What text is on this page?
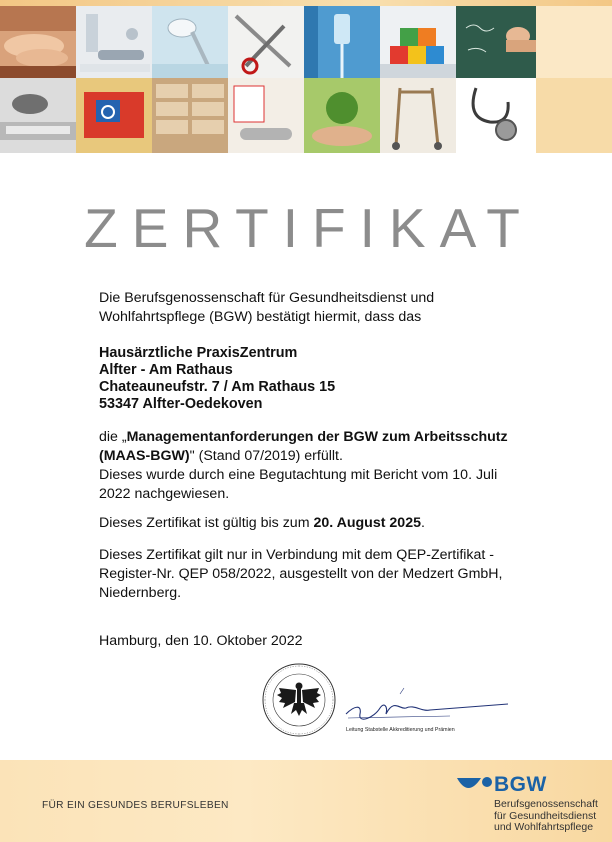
ZERTIFIKAT

Die Berufsgenossenschaft für Gesundheitsdienst und Wohlfahrtspflege (BGW) bestätigt hiermit, dass das

Hausärztliche PraxisZentrum

Alfter - Am Rathaus

Chateauneufstr. 7 / Am Rathaus 15

53347 Alfter-Oedekoven

die „Managementanforderungen der BGW zum Arbeitsschutz (MAAS-BGW)" (Stand 07/2019) erfüllt.

Dieses wurde durch eine Begutachtung mit Bericht vom 10. Juli 2022 nachgewiesen.

Dieses Zertifikat ist gültig bis zum 20. August 2025.

Dieses Zertifikat gilt nur in Verbindung mit dem QEP-Zertifikat - Register-Nr. QEP 058/2022, ausgestellt von der Medzert GmbH, Niedernberg.

Hamburg, den 10. Oktober 2022

Leitung Stabstelle Akkreditierung und Prämien
FÜR EIN GESUNDES BERUFSLEBEN
BGW
Berufsgenossenschaft
für Gesundheitsdienst
und Wohlfahrtspflege
